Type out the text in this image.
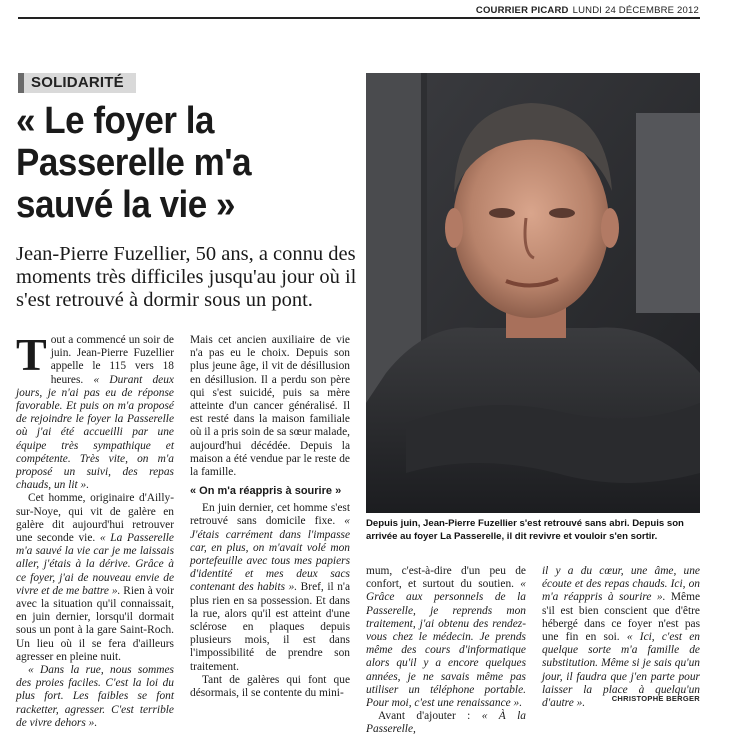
COURRIER PICARD LUNDI 24 DÉCEMBRE 2012
SOLIDARITÉ
« Le foyer la Passerelle m'a sauvé la vie »
Jean-Pierre Fuzellier, 50 ans, a connu des moments très difficiles jusqu'au jour où il s'est retrouvé à dormir sous un pont.
Depuis juin, Jean-Pierre Fuzellier s'est retrouvé sans abri. Depuis son arrivée au foyer La Passerelle, il dit revivre et vouloir s'en sortir.

Tout a commencé un soir de juin. Jean-Pierre Fuzellier appelle le 115 vers 18 heures. « Durant deux jours, je n'ai pas eu de réponse favorable. Et puis on m'a proposé de rejoindre le foyer la Passerelle où j'ai été accueilli par une équipe très sympathique et compétente. Très vite, on m'a proposé un suivi, des repas chauds, un lit ».

Cet homme, originaire d'Ailly-sur-Noye, qui vit de galère en galère dit aujourd'hui retrouver une seconde vie. « La Passerelle m'a sauvé la vie car je me laissais aller, j'étais à la dérive. Grâce à ce foyer, j'ai de nouveau envie de vivre et de me battre ». Rien à voir avec la situation qu'il connaissait, en juin dernier, lorsqu'il dormait sous un pont à la gare Saint-Roch. Un lieu où il se fera d'ailleurs agresser en pleine nuit.

« Dans la rue, nous sommes des proies faciles. C'est la loi du plus fort. Les faibles se font racketter, agresser. C'est terrible de vivre dehors ».

Mais cet ancien auxiliaire de vie n'a pas eu le choix. Depuis son plus jeune âge, il vit de désillusion en désillusion. Il a perdu son père qui s'est suicidé, puis sa mère atteinte d'un cancer généralisé. Il est resté dans la maison familiale où il a pris soin de sa sœur malade, aujourd'hui décédée. Depuis la maison a été vendue par le reste de la famille.

« On m'a réappris à sourire »

En juin dernier, cet homme s'est retrouvé sans domicile fixe. « J'étais carrément dans l'impasse car, en plus, on m'avait volé mon portefeuille avec tous mes papiers d'identité et mes deux sacs contenant des habits ». Bref, il n'a plus rien en sa possession. Et dans la rue, alors qu'il est atteint d'une sclérose en plaques depuis plusieurs mois, il est dans l'impossibilité de prendre son traitement.

Tant de galères qui font que désormais, il se contente du mini-

mum, c'est-à-dire d'un peu de confort, et surtout du soutien. « Grâce aux personnels de la Passerelle, je reprends mon traitement, j'ai obtenu des rendez-vous chez le médecin. Je prends même des cours d'informatique alors qu'il y a encore quelques années, je ne savais même pas utiliser un téléphone portable. Pour moi, c'est une renaissance ».

Avant d'ajouter : « À la Passerelle,

il y a du cœur, une âme, une écoute et des repas chauds. Ici, on m'a réappris à sourire ». Même s'il est bien conscient que d'être hébergé dans ce foyer n'est pas une fin en soi. « Ici, c'est en quelque sorte m'a famille de substitution. Même si je sais qu'un jour, il faudra que j'en parte pour laisser la place à quelqu'un d'autre ».	CHRISTOPHE BERGER
